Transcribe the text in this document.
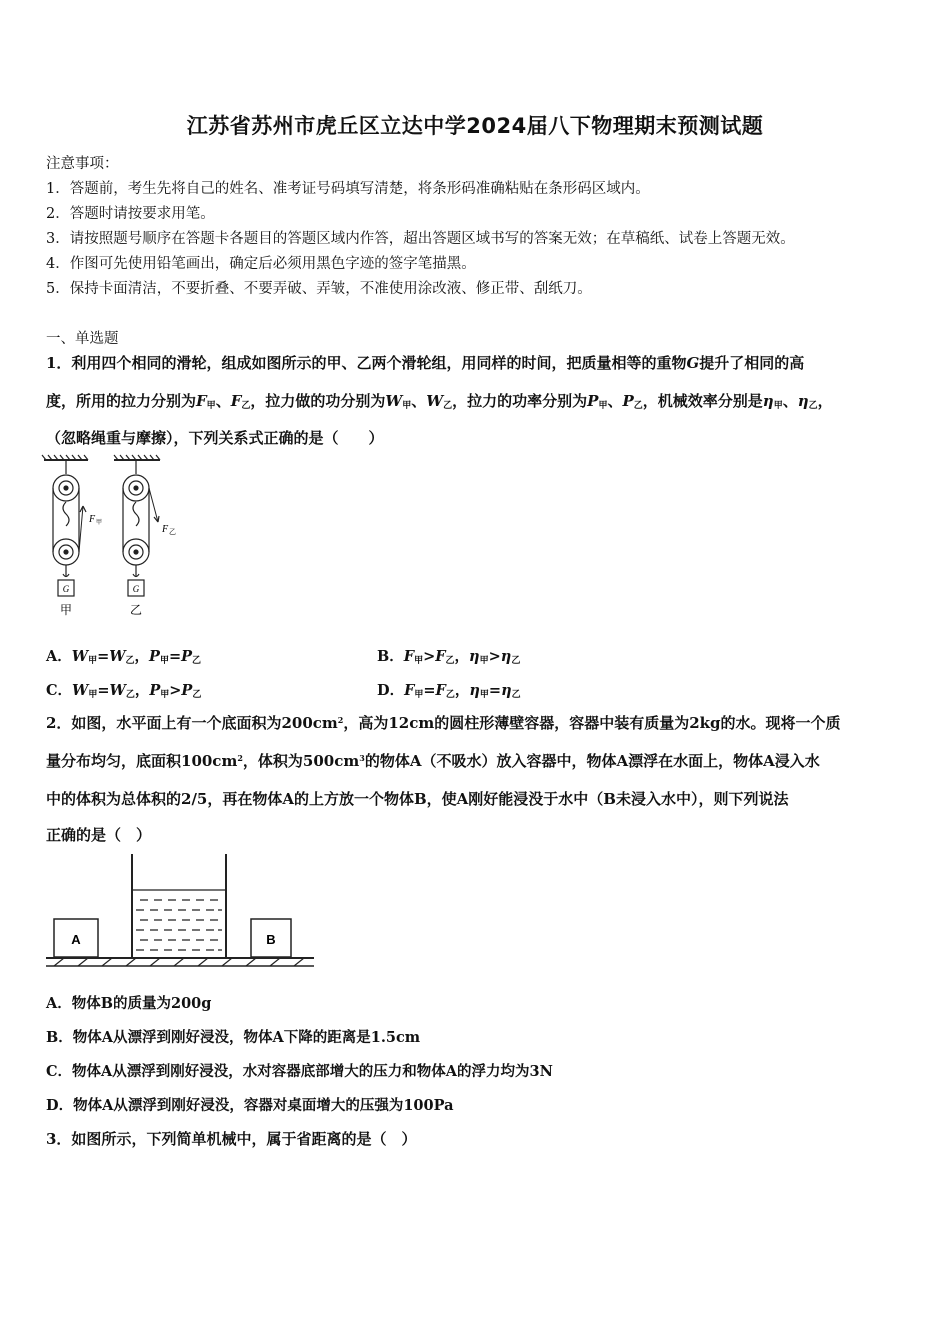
江苏省苏州市虎丘区立达中学2024届八下物理期末预测试题
注意事项：
1．答题前，考生先将自己的姓名、准考证号码填写清楚，将条形码准确粘贴在条形码区域内。
2．答题时请按要求用笔。
3．请按照题号顺序在答题卡各题目的答题区域内作答，超出答题区域书写的答案无效；在草稿纸、试卷上答题无效。
4．作图可先使用铅笔画出，确定后必须用黑色字迹的签字笔描黑。
5．保持卡面清洁，不要折叠、不要弄破、弄皱，不准使用涂改液、修正带、刮纸刀。
一、单选题
1．利用四个相同的滑轮，组成如图所示的甲、乙两个滑轮组，用同样的时间，把质量相等的重物G提升了相同的高
度，所用的拉力分别为$F_甲$、$F_乙$，拉力做的功分别为$W_甲$、$W_乙$，拉力的功率分别为$P_甲$、$P_乙$，机械效率分别是$\eta_甲$、$\eta_乙$，
（忽略绳重与摩擦），下列关系式正确的是（　　）
G
F 甲
甲
G
F 乙
乙
A．$W_甲=W_乙$，$P_甲=P_乙$	B．$F_甲>F_乙$，$\eta_甲>\eta_乙$
C．$W_甲=W_乙$，$P_甲>P_乙$	D．$F_甲=F_乙$，$\eta_甲=\eta_乙$
2．如图，水平面上有一个底面积为$200cm^2$，高为12cm的圆柱形薄壁容器，容器中装有质量为2kg的水。现将一个质
量分布均匀，底面积$100cm^2$，体积为$500cm^3$的物体A（不吸水）放入容器中，物体A漂浮在水面上，物体A浸入水
中的体积为总体积的2/5，再在物体A的上方放一个物体B，使A刚好能浸没于水中（B未浸入水中），则下列说法
正确的是（　）
A	B
A．物体B的质量为200g
B．物体A从漂浮到刚好浸没，物体A下降的距离是1.5cm
C．物体A从漂浮到刚好浸没，水对容器底部增大的压力和物体A的浮力均为3N
D．物体A从漂浮到刚好浸没，容器对桌面增大的压强为100Pa
3．如图所示，下列简单机械中，属于省距离的是（　）
